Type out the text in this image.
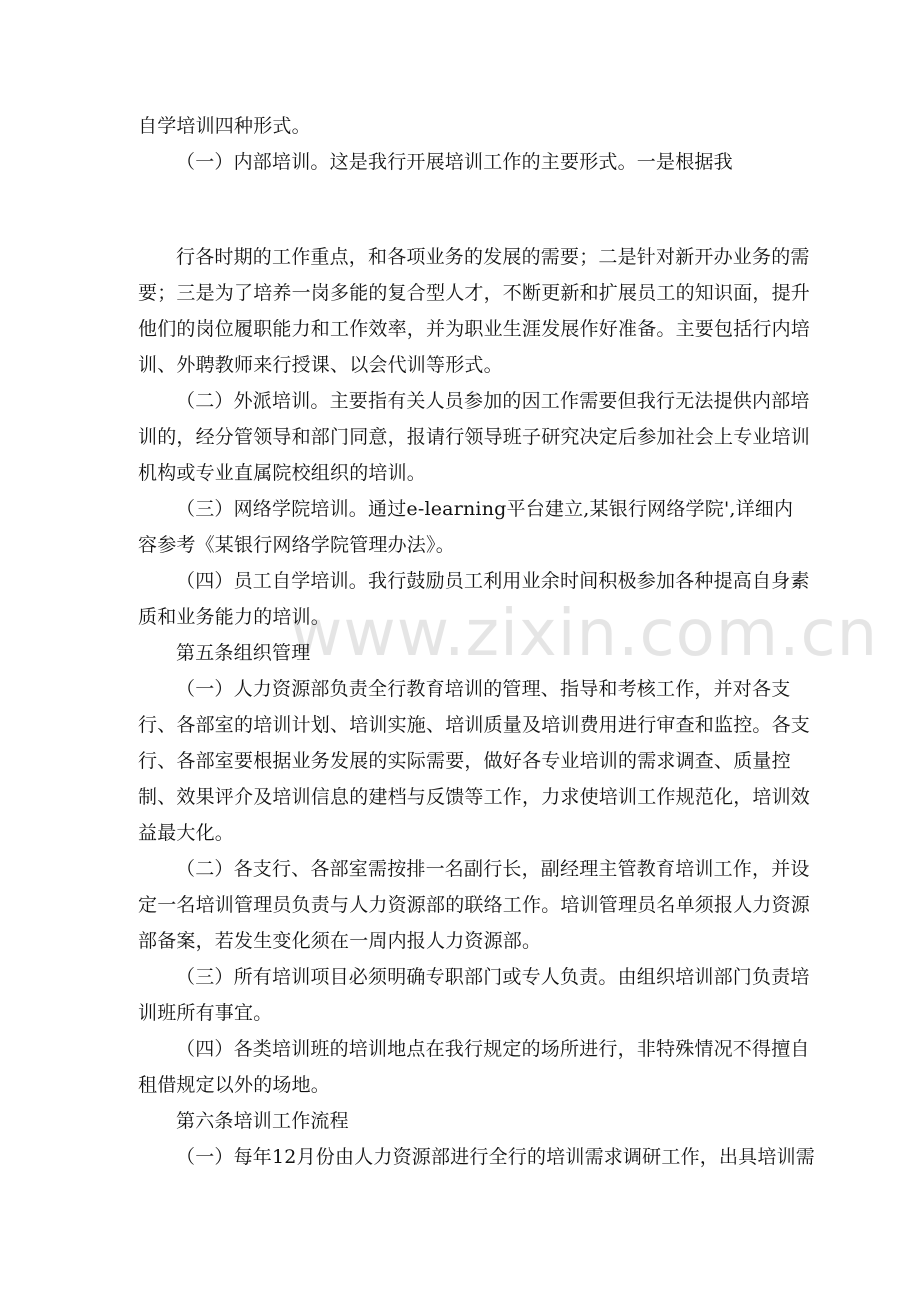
自学培训四种形式。
（一）内部培训。这是我行开展培训工作的主要形式。一是根据我
行各时期的工作重点，和各项业务的发展的需要；二是针对新开办业务的需
要；三是为了培养一岗多能的复合型人才，不断更新和扩展员工的知识面，提升
他们的岗位履职能力和工作效率，并为职业生涯发展作好准备。主要包括行内培
训、外聘教师来行授课、以会代训等形式。
（二）外派培训。主要指有关人员参加的因工作需要但我行无法提供内部培
训的，经分管领导和部门同意，报请行领导班子研究决定后参加社会上专业培训
机构或专业直属院校组织的培训。
（三）网络学院培训。通过e-learning平台建立,某银行网络学院',详细内
容参考《某银行网络学院管理办法》。
（四）员工自学培训。我行鼓励员工利用业余时间积极参加各种提高自身素
质和业务能力的培训。
第五条组织管理
（一）人力资源部负责全行教育培训的管理、指导和考核工作，并对各支
行、各部室的培训计划、培训实施、培训质量及培训费用进行审查和监控。各支
行、各部室要根据业务发展的实际需要，做好各专业培训的需求调查、质量控
制、效果评介及培训信息的建档与反馈等工作，力求使培训工作规范化，培训效
益最大化。
（二）各支行、各部室需按排一名副行长，副经理主管教育培训工作，并设
定一名培训管理员负责与人力资源部的联络工作。培训管理员名单须报人力资源
部备案，若发生变化须在一周内报人力资源部。
（三）所有培训项目必须明确专职部门或专人负责。由组织培训部门负责培
训班所有事宜。
（四）各类培训班的培训地点在我行规定的场所进行，非特殊情况不得擅自
租借规定以外的场地。
第六条培训工作流程
（一）每年12月份由人力资源部进行全行的培训需求调研工作，出具培训需
www.zixin.com.cn
